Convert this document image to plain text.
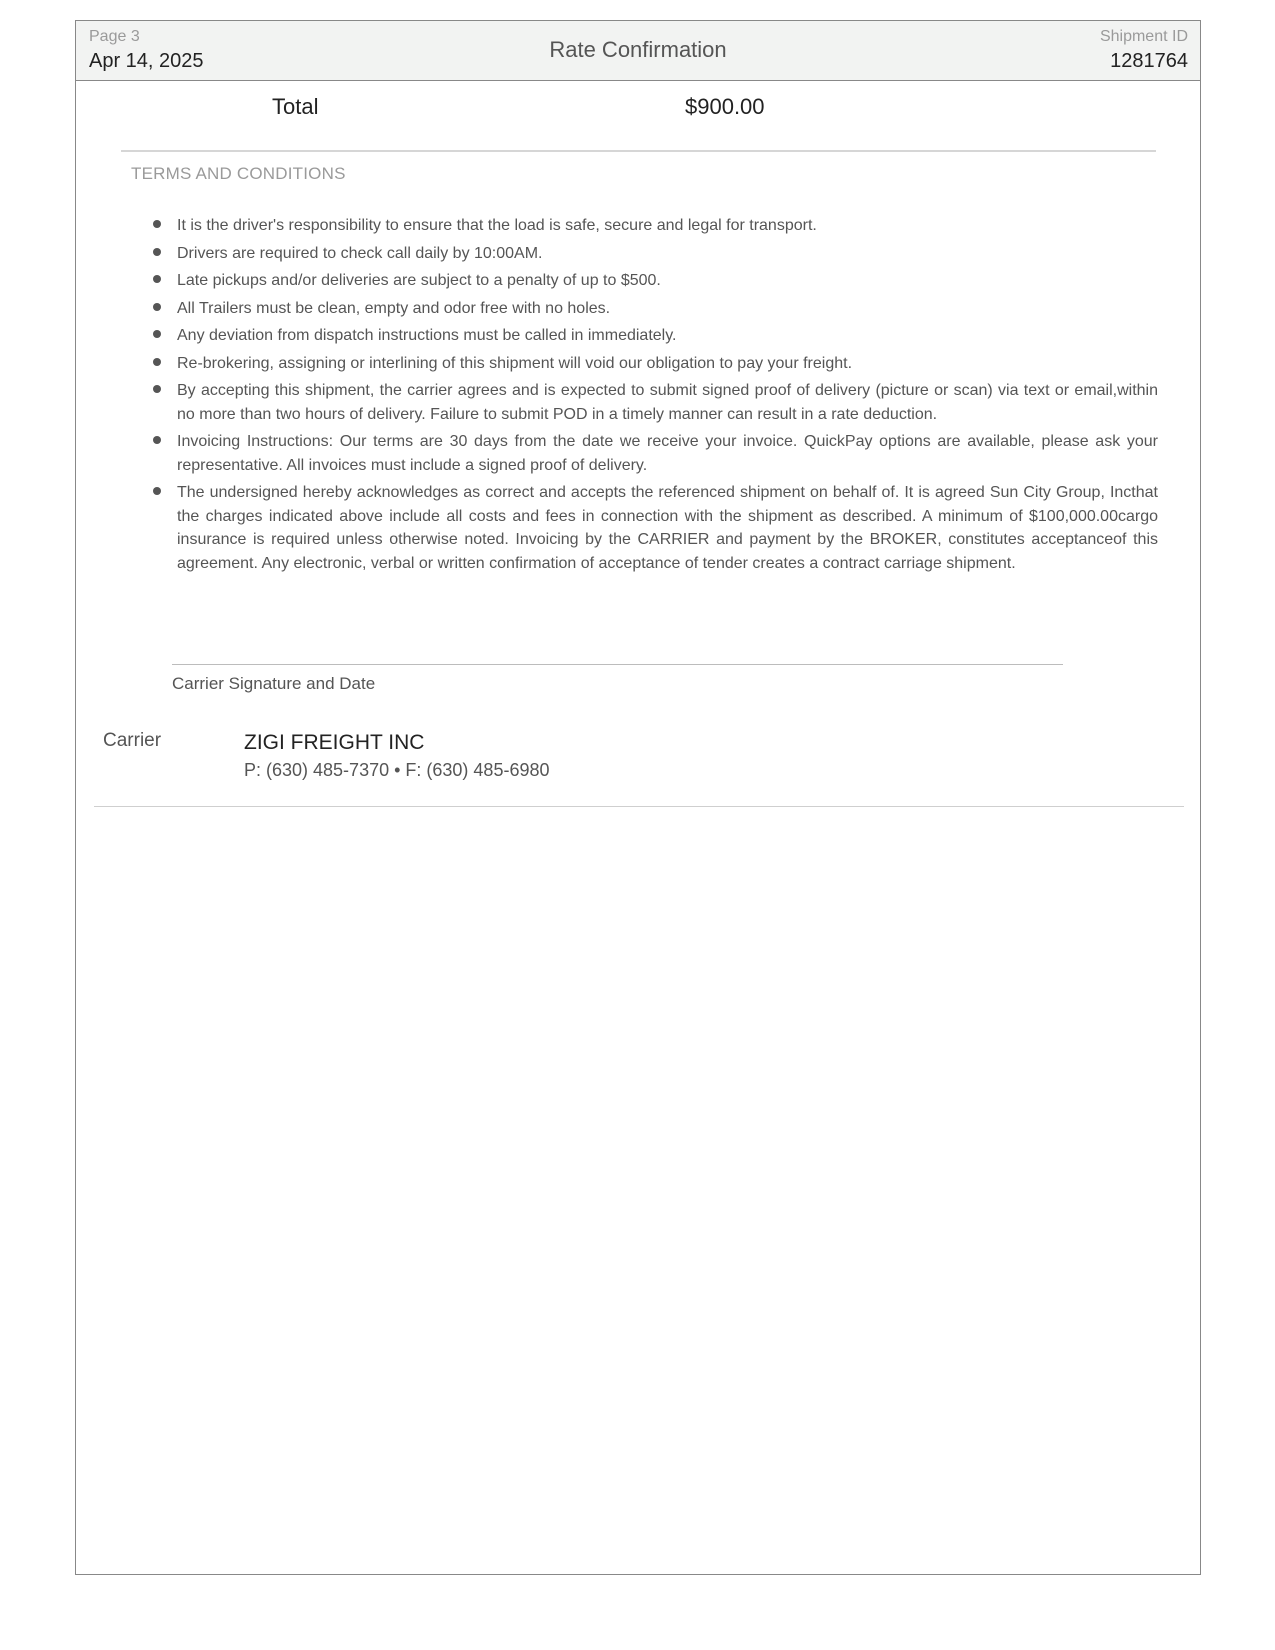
Page 3
Apr 14, 2025	Rate Confirmation
Shipment ID
1281764
Total	$900.00
TERMS AND CONDITIONS
It is the driver's responsibility to ensure that the load is safe, secure and legal for transport.
Drivers are required to check call daily by 10:00AM.
Late pickups and/or deliveries are subject to a penalty of up to $500.
All Trailers must be clean, empty and odor free with no holes.
Any deviation from dispatch instructions must be called in immediately.
Re-brokering, assigning or interlining of this shipment will void our obligation to pay your freight.
By accepting this shipment, the carrier agrees and is expected to submit signed proof of delivery (picture or scan) via text or email,within no more than two hours of delivery. Failure to submit POD in a timely manner can result in a rate deduction.
Invoicing Instructions: Our terms are 30 days from the date we receive your invoice. QuickPay options are available, please ask your representative. All invoices must include a signed proof of delivery.
The undersigned hereby acknowledges as correct and accepts the referenced shipment on behalf of. It is agreed Sun City Group, Incthat the charges indicated above include all costs and fees in connection with the shipment as described. A minimum of $100,000.00cargo insurance is required unless otherwise noted. Invoicing by the CARRIER and payment by the BROKER, constitutes acceptanceof this agreement. Any electronic, verbal or written confirmation of acceptance of tender creates a contract carriage shipment.
Carrier Signature and Date
Carrier	ZIGI FREIGHT INC
P: (630) 485-7370 • F: (630) 485-6980
